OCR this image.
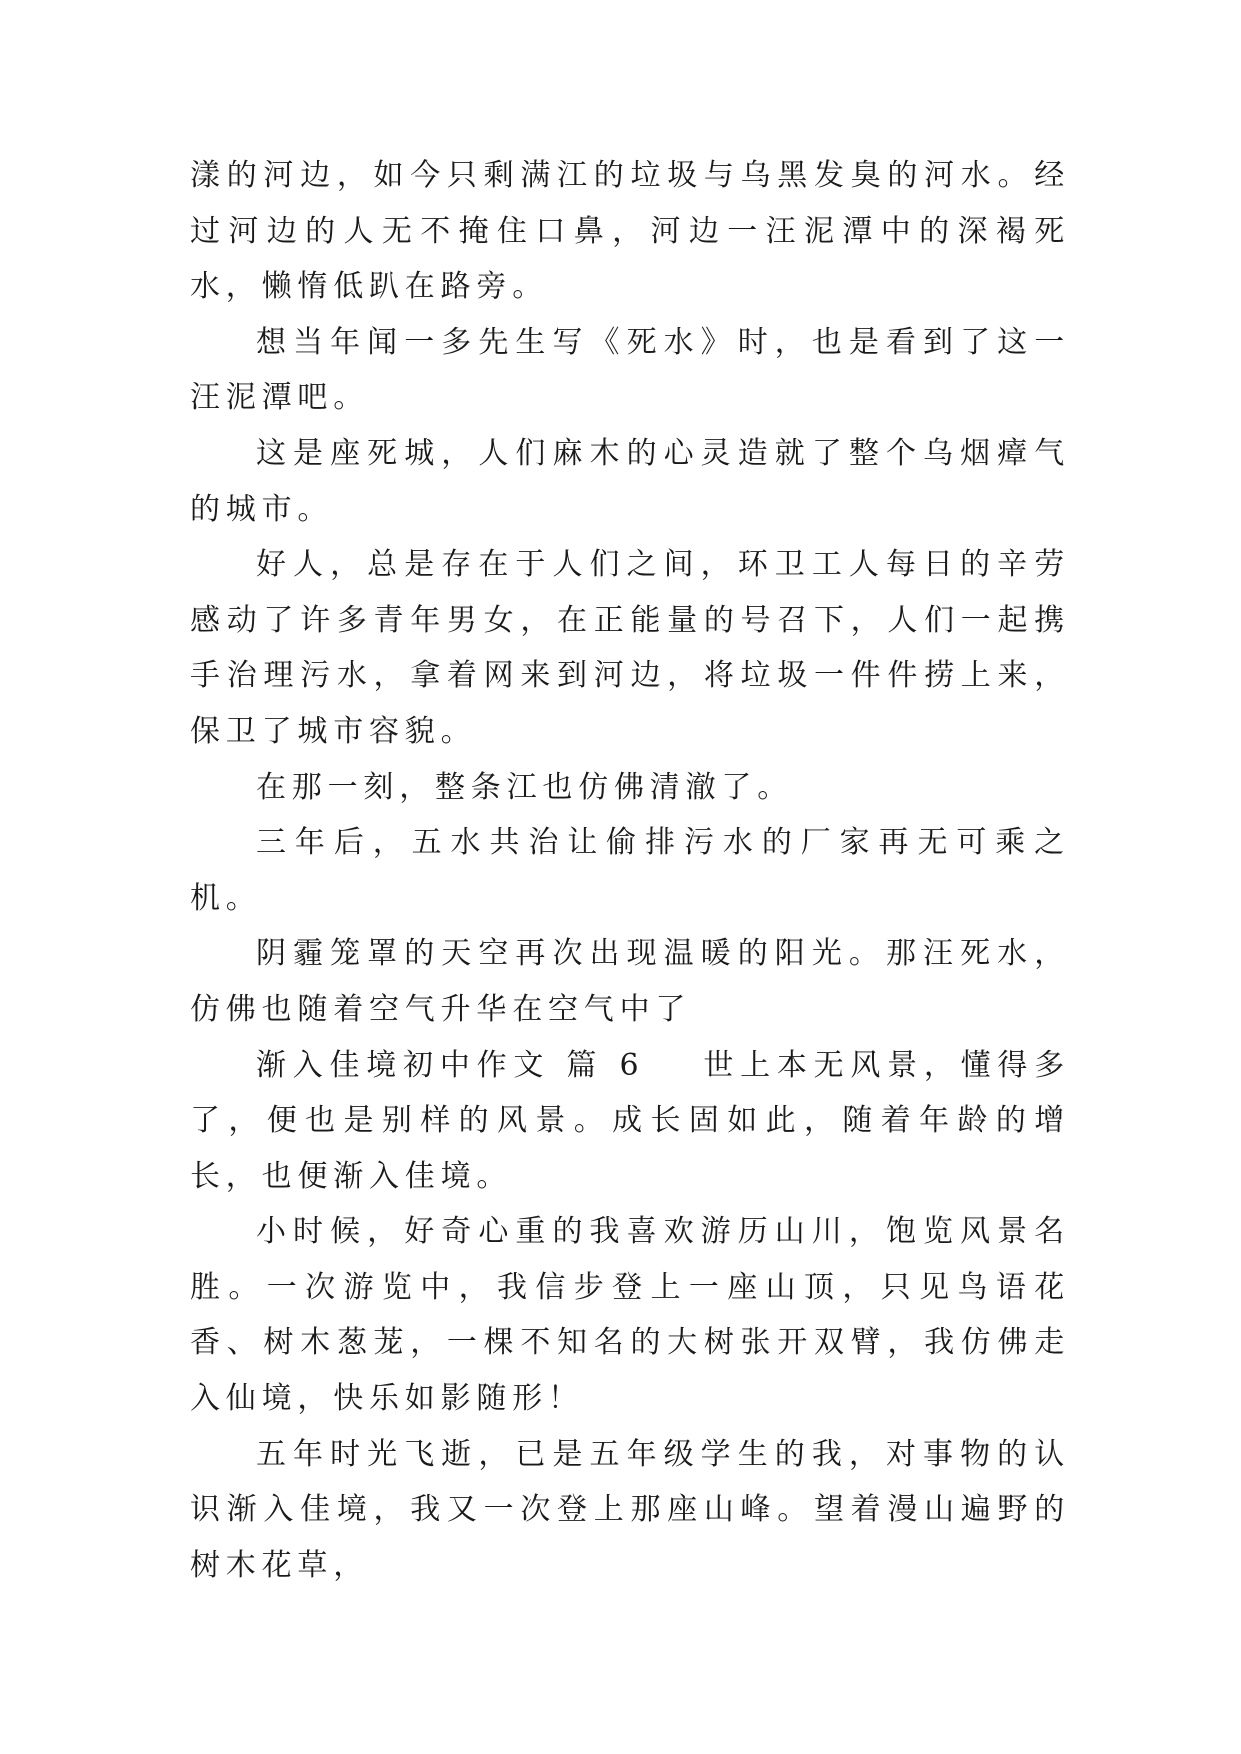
漾的河边，如今只剩满江的垃圾与乌黑发臭的河水。经过河边的人无不掩住口鼻，河边一汪泥潭中的深褐死水，懒惰低趴在路旁。

想当年闻一多先生写《死水》时，也是看到了这一汪泥潭吧。

这是座死城，人们麻木的心灵造就了整个乌烟瘴气的城市。

好人，总是存在于人们之间，环卫工人每日的辛劳感动了许多青年男女，在正能量的号召下，人们一起携手治理污水，拿着网来到河边，将垃圾一件件捞上来，保卫了城市容貌。

在那一刻，整条江也仿佛清澈了。

三年后，五水共治让偷排污水的厂家再无可乘之机。

阴霾笼罩的天空再次出现温暖的阳光。那汪死水，仿佛也随着空气升华在空气中了

渐入佳境初中作文 篇 6 世上本无风景，懂得多了，便也是别样的风景。成长固如此，随着年龄的增长，也便渐入佳境。

小时候，好奇心重的我喜欢游历山川，饱览风景名胜。一次游览中，我信步登上一座山顶，只见鸟语花香、树木葱茏，一棵不知名的大树张开双臂，我仿佛走入仙境，快乐如影随形！

五年时光飞逝，已是五年级学生的我，对事物的认识渐入佳境，我又一次登上那座山峰。望着漫山遍野的树木花草，
